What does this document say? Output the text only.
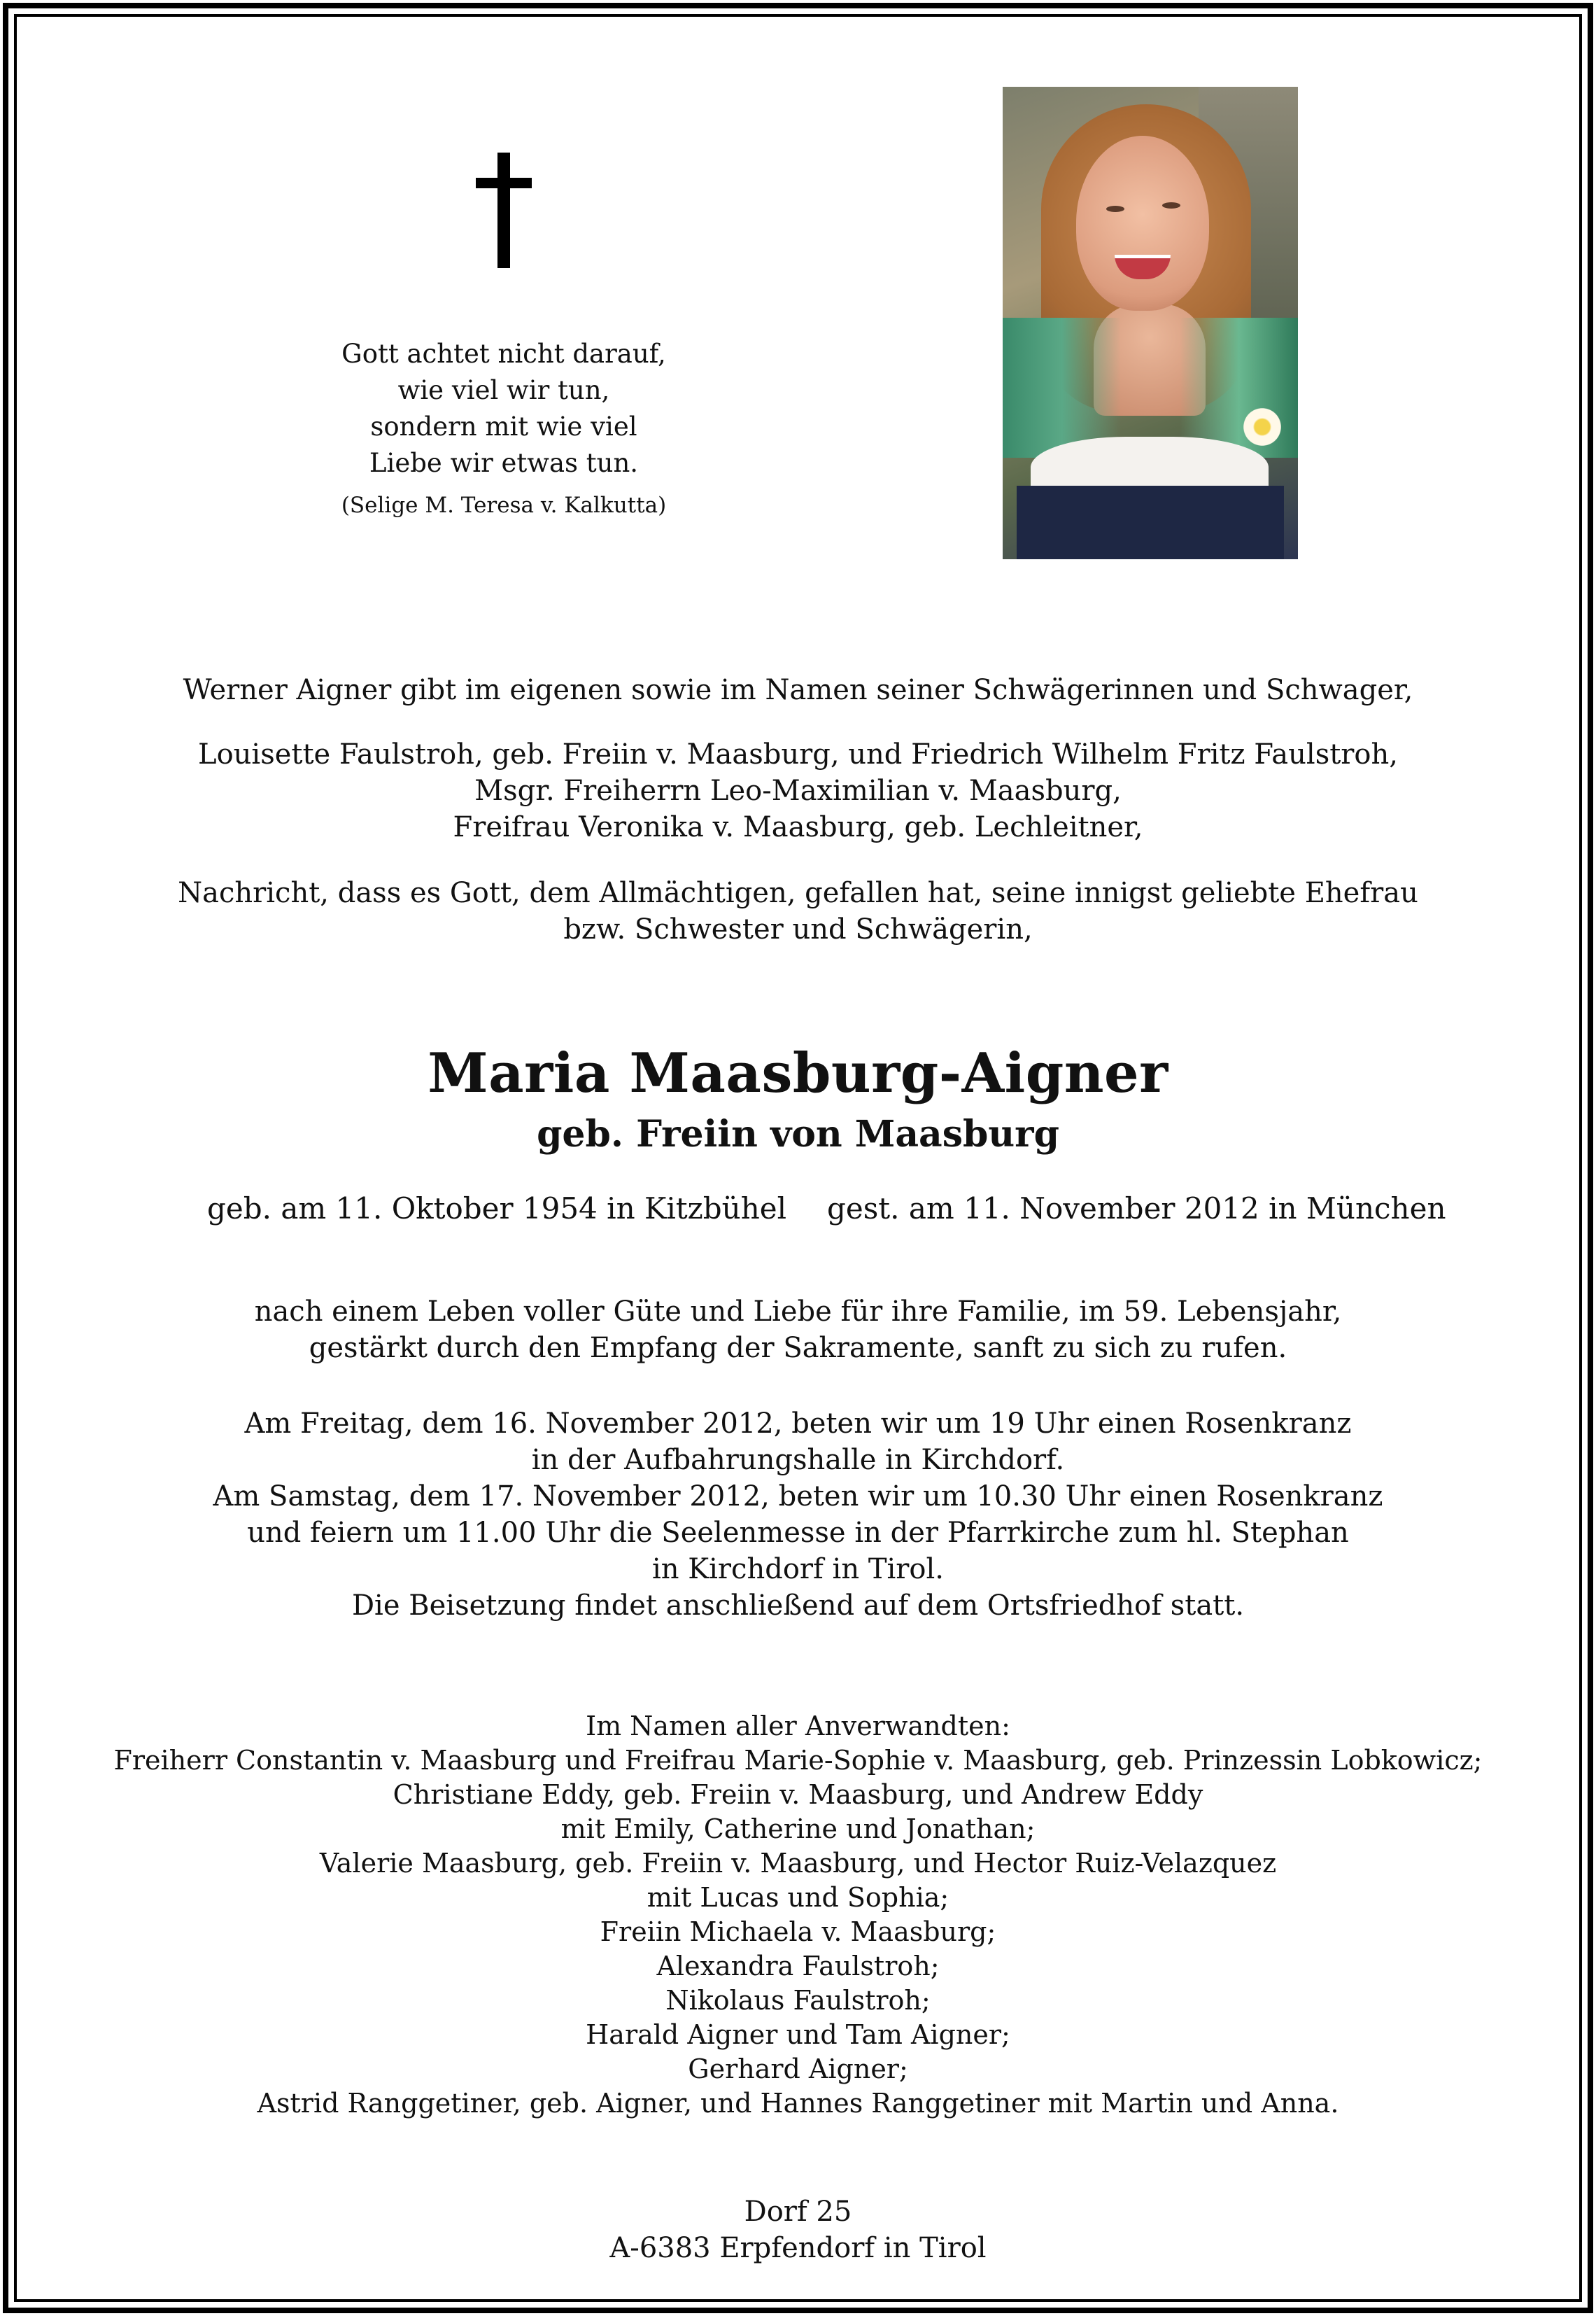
Gott achtet nicht darauf,
wie viel wir tun,
sondern mit wie viel
Liebe wir etwas tun.
(Selige M. Teresa v. Kalkutta)
Werner Aigner gibt im eigenen sowie im Namen seiner Schwägerinnen und Schwager,
Louisette Faulstroh, geb. Freiin v. Maasburg, und Friedrich Wilhelm Fritz Faulstroh,
Msgr. Freiherrn Leo-Maximilian v. Maasburg,
Freifrau Veronika v. Maasburg, geb. Lechleitner,
Nachricht, dass es Gott, dem Allmächtigen, gefallen hat, seine innigst geliebte Ehefrau
bzw. Schwester und Schwägerin,
Maria Maasburg-Aigner
geb. Freiin von Maasburg
geb. am 11. Oktober 1954 in Kitzbühel gest. am 11. November 2012 in München
nach einem Leben voller Güte und Liebe für ihre Familie, im 59. Lebensjahr,
gestärkt durch den Empfang der Sakramente, sanft zu sich zu rufen.
Am Freitag, dem 16. November 2012, beten wir um 19 Uhr einen Rosenkranz
in der Aufbahrungshalle in Kirchdorf.
Am Samstag, dem 17. November 2012, beten wir um 10.30 Uhr einen Rosenkranz
und feiern um 11.00 Uhr die Seelenmesse in der Pfarrkirche zum hl. Stephan
in Kirchdorf in Tirol.
Die Beisetzung findet anschließend auf dem Ortsfriedhof statt.
Im Namen aller Anverwandten:
Freiherr Constantin v. Maasburg und Freifrau Marie-Sophie v. Maasburg, geb. Prinzessin Lobkowicz;
Christiane Eddy, geb. Freiin v. Maasburg, und Andrew Eddy
mit Emily, Catherine und Jonathan;
Valerie Maasburg, geb. Freiin v. Maasburg, und Hector Ruiz-Velazquez
mit Lucas und Sophia;
Freiin Michaela v. Maasburg;
Alexandra Faulstroh;
Nikolaus Faulstroh;
Harald Aigner und Tam Aigner;
Gerhard Aigner;
Astrid Ranggetiner, geb. Aigner, und Hannes Ranggetiner mit Martin und Anna.
Dorf 25
A-6383 Erpfendorf in Tirol
